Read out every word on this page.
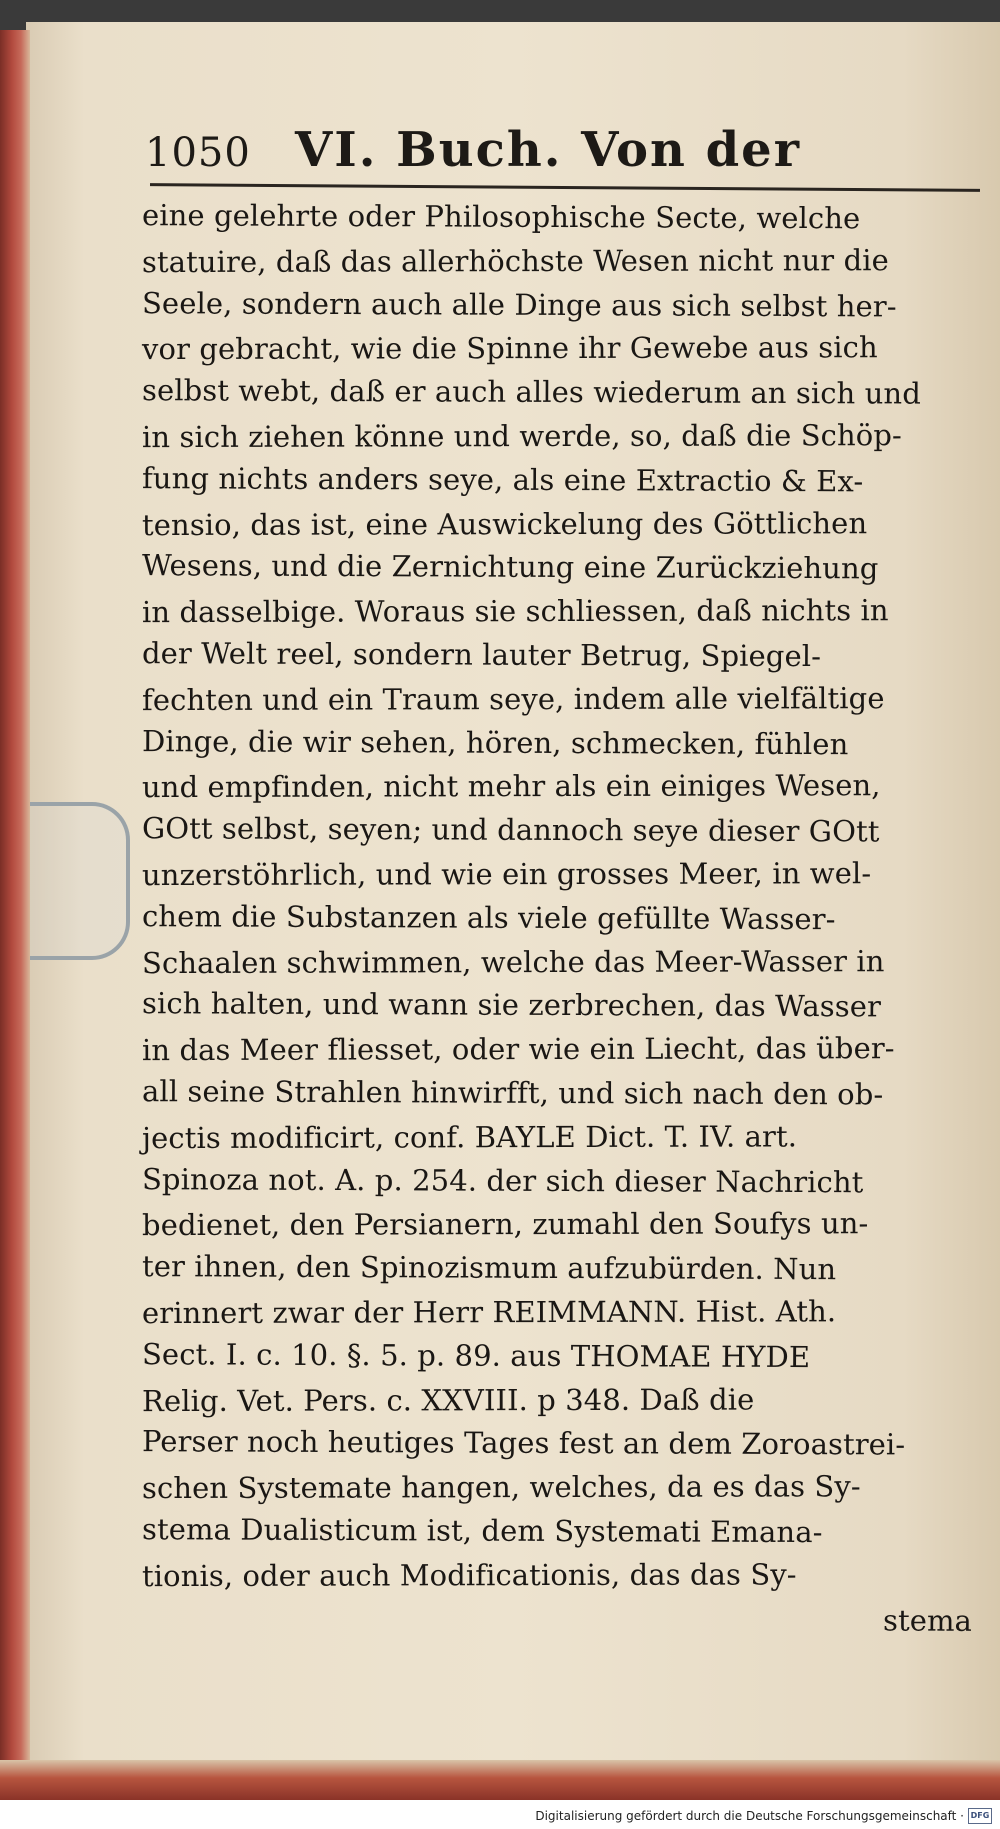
1050 VI. Buch. Von der
eine gelehrte oder Philosophische Secte, welche
statuire, daß das allerhöchste Wesen nicht nur die
Seele, sondern auch alle Dinge aus sich selbst her-
vor gebracht, wie die Spinne ihr Gewebe aus sich
selbst webt, daß er auch alles wiederum an sich und
in sich ziehen könne und werde, so, daß die Schöp-
fung nichts anders seye, als eine Extractio & Ex-
tensio, das ist, eine Auswickelung des Göttlichen
Wesens, und die Zernichtung eine Zurückziehung
in dasselbige. Woraus sie schliessen, daß nichts in
der Welt reel, sondern lauter Betrug, Spiegel-
fechten und ein Traum seye, indem alle vielfältige
Dinge, die wir sehen, hören, schmecken, fühlen
und empfinden, nicht mehr als ein einiges Wesen,
GOtt selbst, seyen; und dannoch seye dieser GOtt
unzerstöhrlich, und wie ein grosses Meer, in wel-
chem die Substanzen als viele gefüllte Wasser-
Schaalen schwimmen, welche das Meer-Wasser in
sich halten, und wann sie zerbrechen, das Wasser
in das Meer fliesset, oder wie ein Liecht, das über-
all seine Strahlen hinwirfft, und sich nach den ob-
jectis modificirt, conf. BAYLE Dict. T. IV. art.
Spinoza not. A. p. 254. der sich dieser Nachricht
bedienet, den Persianern, zumahl den Soufys un-
ter ihnen, den Spinozismum aufzubürden. Nun
erinnert zwar der Herr REIMMANN. Hist. Ath.
Sect. I. c. 10. §. 5. p. 89. aus THOMAE HYDE
Relig. Vet. Pers. c. XXVIII. p 348. Daß die
Perser noch heutiges Tages fest an dem Zoroastrei-
schen Systemate hangen, welches, da es das Sy-
stema Dualisticum ist, dem Systemati Emana-
tionis, oder auch Modificationis, das das Sy-
stema
Digitalisierung gefördert durch die Deutsche Forschungsgemeinschaft · DFG
